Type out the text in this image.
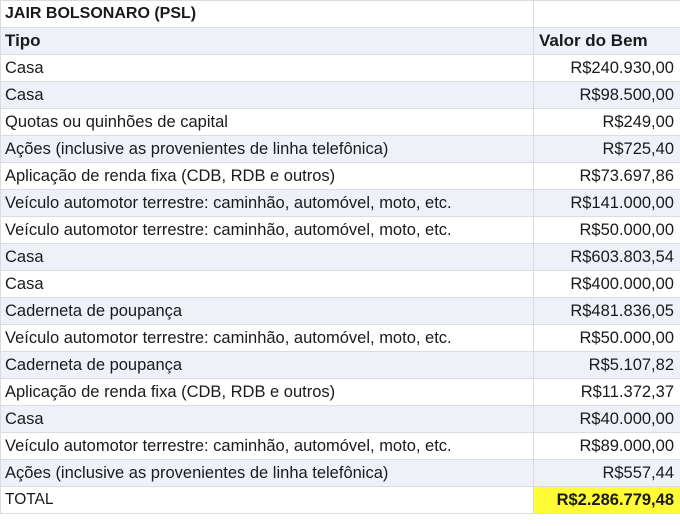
JAIR BOLSONARO (PSL)	
Tipo	Valor do Bem
Casa	R$240.930,00
Casa	R$98.500,00
Quotas ou quinhões de capital	R$249,00
Ações (inclusive as provenientes de linha telefônica)	R$725,40
Aplicação de renda fixa (CDB, RDB e outros)	R$73.697,86
Veículo automotor terrestre: caminhão, automóvel, moto, etc.	R$141.000,00
Veículo automotor terrestre: caminhão, automóvel, moto, etc.	R$50.000,00
Casa	R$603.803,54
Casa	R$400.000,00
Caderneta de poupança	R$481.836,05
Veículo automotor terrestre: caminhão, automóvel, moto, etc.	R$50.000,00
Caderneta de poupança	R$5.107,82
Aplicação de renda fixa (CDB, RDB e outros)	R$11.372,37
Casa	R$40.000,00
Veículo automotor terrestre: caminhão, automóvel, moto, etc.	R$89.000,00
Ações (inclusive as provenientes de linha telefônica)	R$557,44
TOTAL	R$2.286.779,48
